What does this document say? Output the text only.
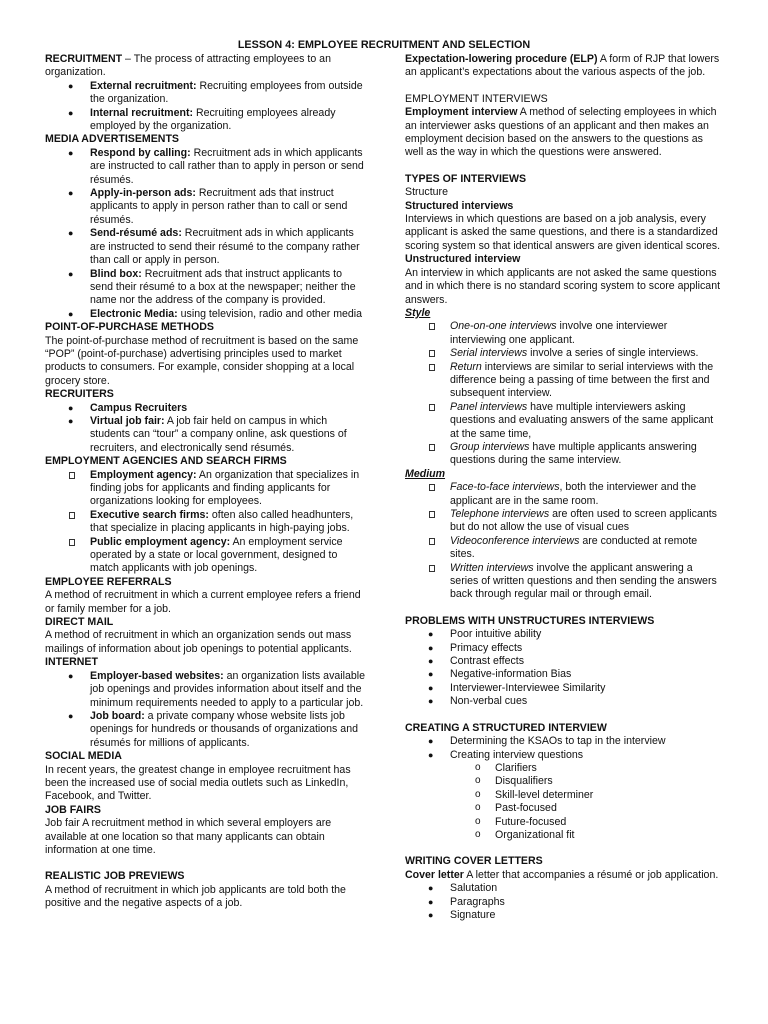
LESSON 4: EMPLOYEE RECRUITMENT AND SELECTION

RECRUITMENT – The process of attracting employees to an organization.

● External recruitment: Recruiting employees from outside the organization.
● Internal recruitment: Recruiting employees already employed by the organization.

MEDIA ADVERTISEMENTS

● Respond by calling: Recruitment ads in which applicants are instructed to call rather than to apply in person or send résumés.
● Apply-in-person ads: Recruitment ads that instruct applicants to apply in person rather than to call or send résumés.
● Send-résumé ads: Recruitment ads in which applicants are instructed to send their résumé to the company rather than call or apply in person.
● Blind box: Recruitment ads that instruct applicants to send their résumé to a box at the newspaper; neither the name nor the address of the company is provided.
● Electronic Media: using television, radio and other media

POINT-OF-PURCHASE METHODS

The point-of-purchase method of recruitment is based on the same “POP” (point-of-purchase) advertising principles used to market products to consumers. For example, consider shopping at a local grocery store.

RECRUITERS

● Campus Recruiters
● Virtual job fair: A job fair held on campus in which students can “tour” a company online, ask questions of recruiters, and electronically send résumés.

EMPLOYMENT AGENCIES AND SEARCH FIRMS

Employment agency: An organization that specializes in finding jobs for applicants and finding applicants for organizations looking for employees.
Executive search firms: often also called headhunters, that specialize in placing applicants in high-paying jobs.
Public employment agency: An employment service operated by a state or local government, designed to match applicants with job openings.

EMPLOYEE REFERRALS

A method of recruitment in which a current employee refers a friend or family member for a job.

DIRECT MAIL

A method of recruitment in which an organization sends out mass mailings of information about job openings to potential applicants.

INTERNET

● Employer-based websites: an organization lists available job openings and provides information about itself and the minimum requirements needed to apply to a particular job.
● Job board: a private company whose website lists job openings for hundreds or thousands of organizations and résumés for millions of applicants.

SOCIAL MEDIA

In recent years, the greatest change in employee recruitment has been the increased use of social media outlets such as LinkedIn, Facebook, and Twitter.

JOB FAIRS

Job fair A recruitment method in which several employers are available at one location so that many applicants can obtain information at one time.

REALISTIC JOB PREVIEWS

A method of recruitment in which job applicants are told both the positive and the negative aspects of a job.

Expectation-lowering procedure (ELP) A form of RJP that lowers an applicant’s expectations about the various aspects of the job.

EMPLOYMENT INTERVIEWS

Employment interview A method of selecting employees in which an interviewer asks questions of an applicant and then makes an employment decision based on the answers to the questions as well as the way in which the questions were answered.

TYPES OF INTERVIEWS

Structure

Structured interviews

Interviews in which questions are based on a job analysis, every applicant is asked the same questions, and there is a standardized scoring system so that identical answers are given identical scores.

Unstructured interview

An interview in which applicants are not asked the same questions and in which there is no standard scoring system to score applicant answers.

Style

One-on-one interviews involve one interviewer interviewing one applicant.
Serial interviews involve a series of single interviews.
Return interviews are similar to serial interviews with the difference being a passing of time between the first and subsequent interview.
Panel interviews have multiple interviewers asking questions and evaluating answers of the same applicant at the same time,
Group interviews have multiple applicants answering questions during the same interview.

Medium

Face-to-face interviews, both the interviewer and the applicant are in the same room.
Telephone interviews are often used to screen applicants but do not allow the use of visual cues
Videoconference interviews are conducted at remote sites.
Written interviews involve the applicant answering a series of written questions and then sending the answers back through regular mail or through email.

PROBLEMS WITH UNSTRUCTURES INTERVIEWS

● Poor intuitive ability
● Primacy effects
● Contrast effects
● Negative-information Bias
● Interviewer-Interviewee Similarity
● Non-verbal cues

CREATING A STRUCTURED INTERVIEW

● Determining the KSAOs to tap in the interview
● Creating interview questions
o Clarifiers
o Disqualifiers
o Skill-level determiner
o Past-focused
o Future-focused
o Organizational fit

WRITING COVER LETTERS

Cover letter A letter that accompanies a résumé or job application.

● Salutation
● Paragraphs
● Signature
